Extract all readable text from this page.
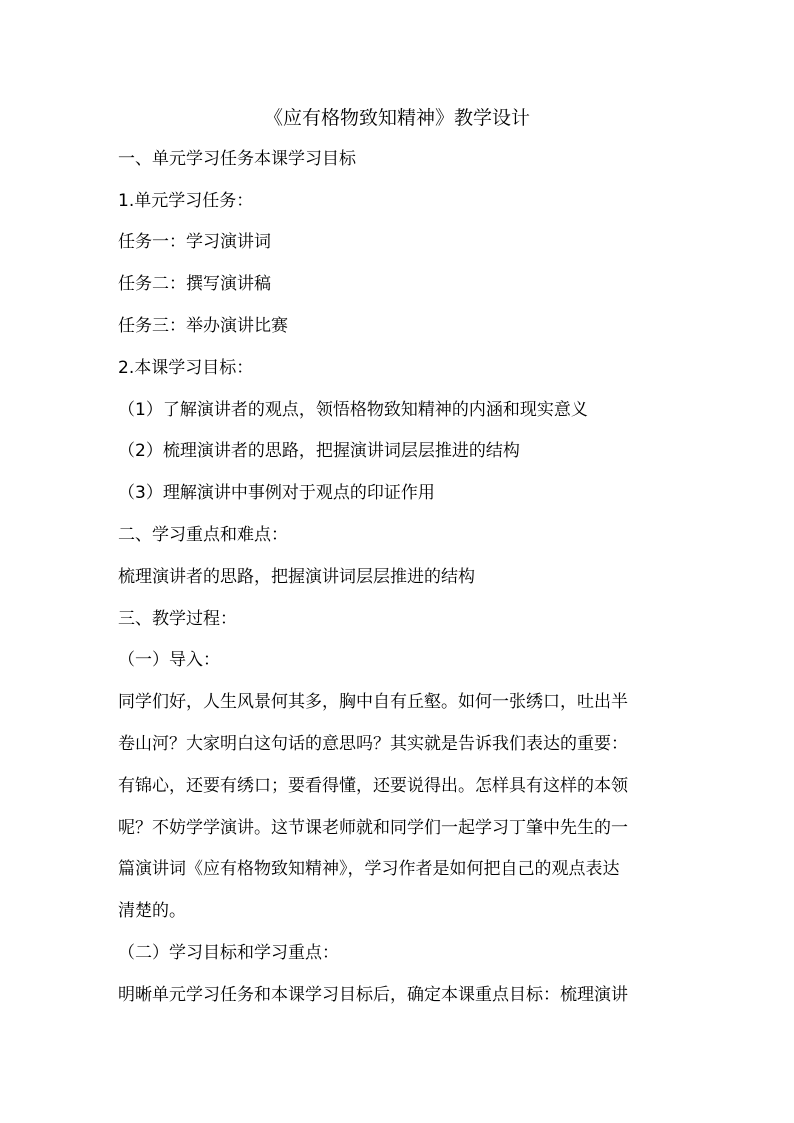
《应有格物致知精神》教学设计

一、单元学习任务本课学习目标

1.单元学习任务：

任务一：学习演讲词

任务二：撰写演讲稿

任务三：举办演讲比赛

2.本课学习目标：

（1）了解演讲者的观点，领悟格物致知精神的内涵和现实意义

（2）梳理演讲者的思路，把握演讲词层层推进的结构

（3）理解演讲中事例对于观点的印证作用

二、学习重点和难点：

梳理演讲者的思路，把握演讲词层层推进的结构

三、教学过程：

（一）导入：

同学们好，人生风景何其多，胸中自有丘壑。如何一张绣口，吐出半

卷山河？大家明白这句话的意思吗？其实就是告诉我们表达的重要：

有锦心，还要有绣口；要看得懂，还要说得出。怎样具有这样的本领

呢？不妨学学演讲。这节课老师就和同学们一起学习丁肇中先生的一

篇演讲词《应有格物致知精神》，学习作者是如何把自己的观点表达

清楚的。

（二）学习目标和学习重点：

明晰单元学习任务和本课学习目标后，确定本课重点目标：梳理演讲
